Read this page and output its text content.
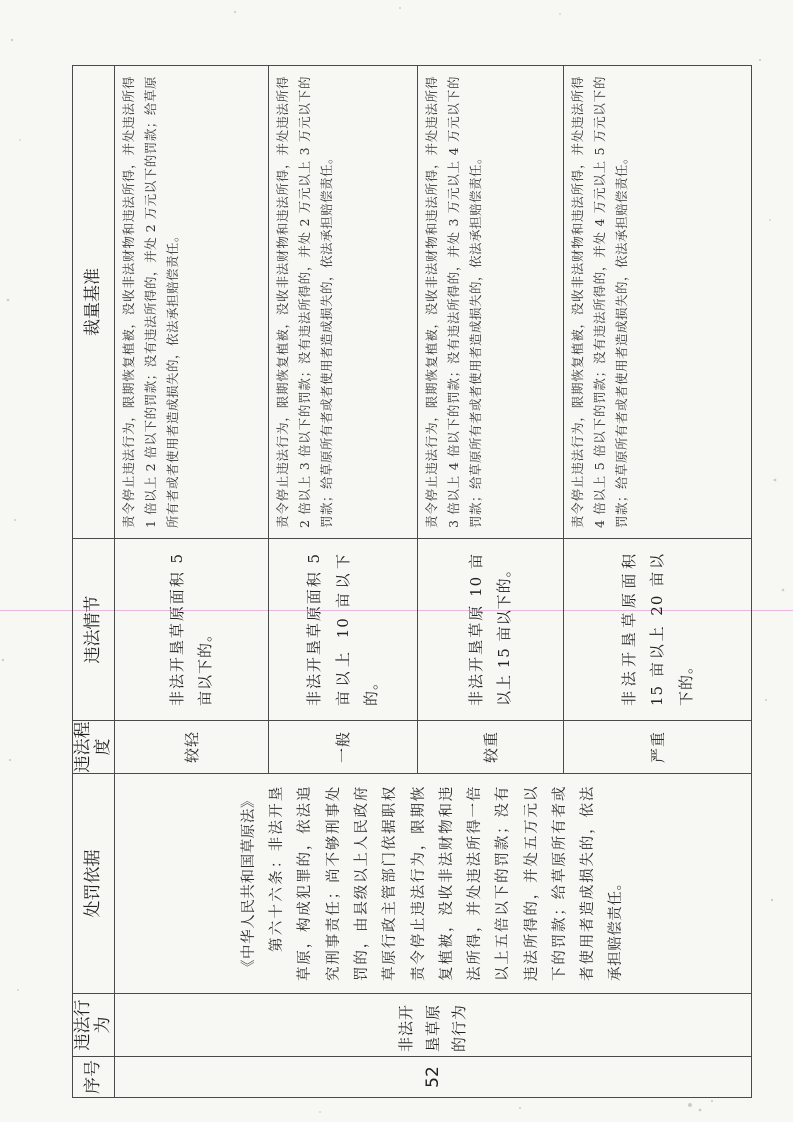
序号	违法行为	处罚依据	违法程度	违法情节	裁量基准
52	非法开垦草原的行为	《中华人民共和国草原法》 第六十六条：非法开垦草原，构成犯罪的，依法追究刑事责任；尚不够刑事处罚的，由县级以上人民政府草原行政主管部门依据职权责令停止违法行为，限期恢复植被，没收非法财物和违法所得，并处违法所得一倍以上五倍以下的罚款；没有违法所得的，并处五万元以下的罚款；给草原所有者或者使用者造成损失的，依法承担赔偿责任。	较轻	非法开垦草原面积 5 亩以下的。	责令停止违法行为，限期恢复植被，没收非法财物和违法所得，并处违法所得 1 倍以上 2 倍以下的罚款；没有违法所得的，并处 2 万元以下的罚款；给草原所有者或者使用者造成损失的，依法承担赔偿责任。
			一般	非法开垦草原面积 5 亩以上 10 亩以下的。	责令停止违法行为，限期恢复植被，没收非法财物和违法所得，并处违法所得 2 倍以上 3 倍以下的罚款；没有违法所得的，并处 2 万元以上 3 万元以下的罚款；给草原所有者或者使用者造成损失的，依法承担赔偿责任。
			较重	非法开垦草原 10 亩以上 15 亩以下的。	责令停止违法行为，限期恢复植被，没收非法财物和违法所得，并处违法所得 3 倍以上 4 倍以下的罚款；没有违法所得的，并处 3 万元以上 4 万元以下的罚款；给草原所有者或者使用者造成损失的，依法承担赔偿责任。
			严重	非法开垦草原面积 15 亩以上 20 亩以下的。	责令停止违法行为，限期恢复植被，没收非法财物和违法所得，并处违法所得 4 倍以上 5 倍以下的罚款；没有违法所得的，并处 4 万元以上 5 万元以下的罚款；给草原所有者或者使用者造成损失的，依法承担赔偿责任。
